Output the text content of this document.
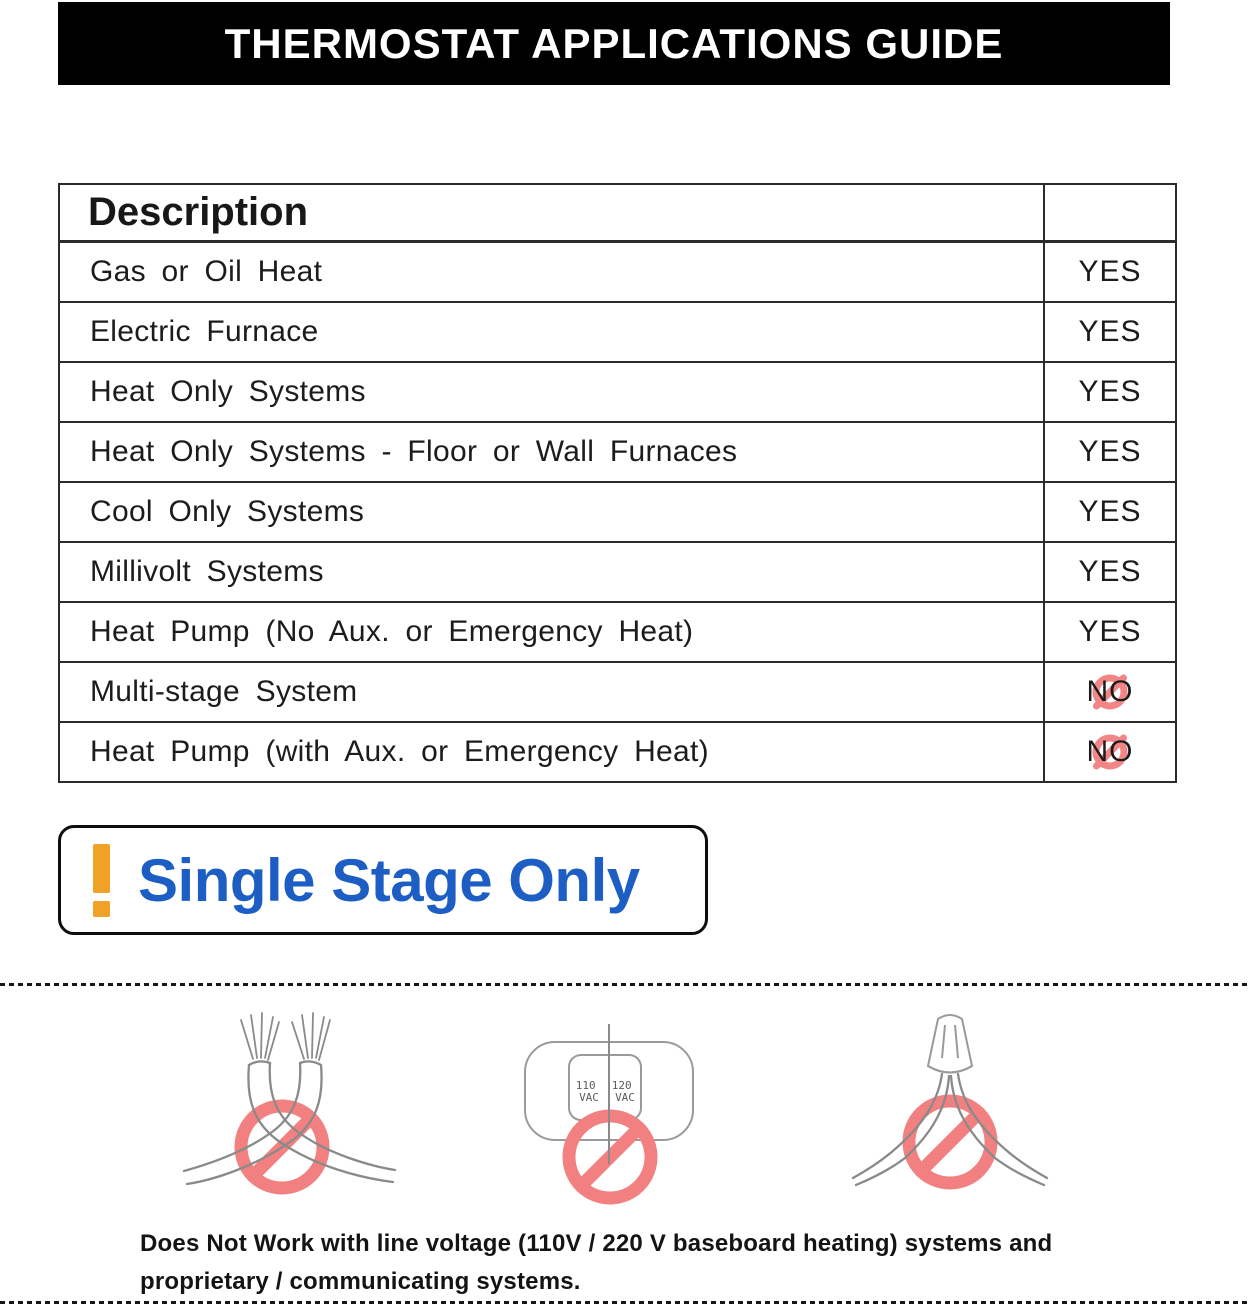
THERMOSTAT APPLICATIONS GUIDE
Description	
Gas or Oil Heat	YES

Electric Furnace	YES

Heat Only Systems	YES

Heat Only Systems - Floor or Wall Furnaces	YES

Cool Only Systems	YES

Millivolt Systems	YES

Heat Pump (No Aux. or Emergency Heat)	YES

Multi-stage System	NO

Heat Pump (with Aux. or Emergency Heat)	NO
Single Stage Only
110 VAC
120 VAC
Does Not Work with line voltage (110V / 220 V baseboard heating) systems and
proprietary / communicating systems.
